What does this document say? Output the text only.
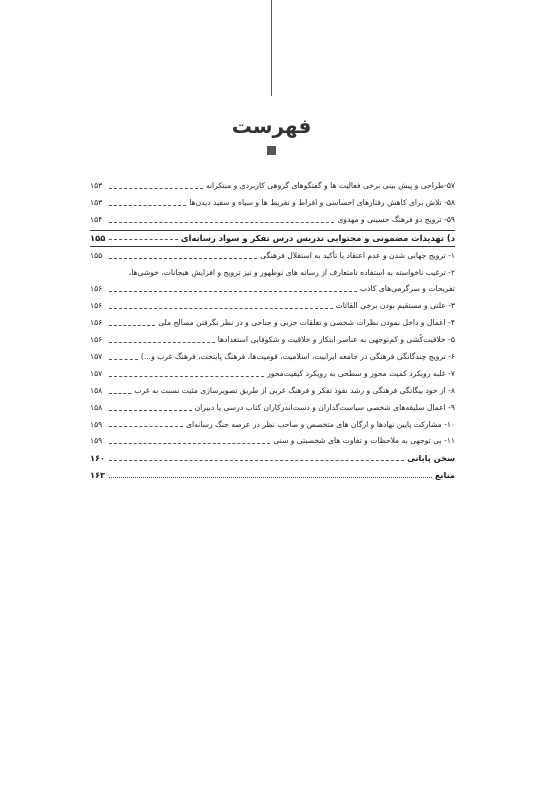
فهرست
۵۷-طراحی و پیش بینی برخی فعالیت ها و گفتگوهای گروهی کاربردی و مبتکرانه
۱۵۳
۵۸- تلاش برای کاهش رفتارهای احساسی و افراط و تفریط ها و سیاه و سفید دیدن‌ها
۱۵۳
۵۹- ترویج دو فرهنگ حسینی و مهدوی
۱۵۴
د) تهدیدات مضمونی و محتوایی تدریس درس تفکر و سواد رسانه‌ای
۱۵۵
۱- ترویج جهانی شدن و عدم اعتقاد یا تأکید به استقلال فرهنگی
۱۵۵
۲- ترغیب ناخواسته به استفاده نامتعارف از رسانه های نوظهور و نیز ترویج و افزایش هیجانات، خوشی‌ها،
تفریحات و سرگرمی‌های کاذب
۱۵۶
۳- علنی و مستقیم بودن برخی القائات
۱۵۶
۴- اعمال و داخل نمودن نظرات شخصی و تعلقات حزبی و جناحی و در نظر نگرفتن مصالح ملی
۱۵۶
۵- خلاقیت‌کُشی و کم‌توجهی به عناصر ابتکار و خلاقیت و شکوفایی استعدادها
۱۵۶
۶- ترویج چندگانگی فرهنگی در جامعه ایرانیت، اسلامیت، قومیت‌ها، فرهنگ پایتخت، فرهنگ غرب و...)
۱۵۷
۷- غلبه رویکرد کمیت محور و سطحی به رویکرد کیفیت‌محور
۱۵۷
۸- از خود بیگانگی فرهنگی و رشد نفوذ تفکر و فرهنگ غربی از طریق تصویرسازی مثبت نسبت به غرب
۱۵۸
۹- اعمال سلیقه‌های شخصی سیاست‌گذاران و دست‌اندرکاران کتاب درسی یا دبیران
۱۵۸
۱۰- مشارکت پایین نهادها و ارگان های متخصص و صاحب نظر در عرصه جنگ رسانه‌ای
۱۵۹
۱۱- بی توجهی به ملاحظات و تفاوت های شخصیتی و سنی
۱۵۹
سخن پایانی
۱۶۰
منابع
۱۶۳
